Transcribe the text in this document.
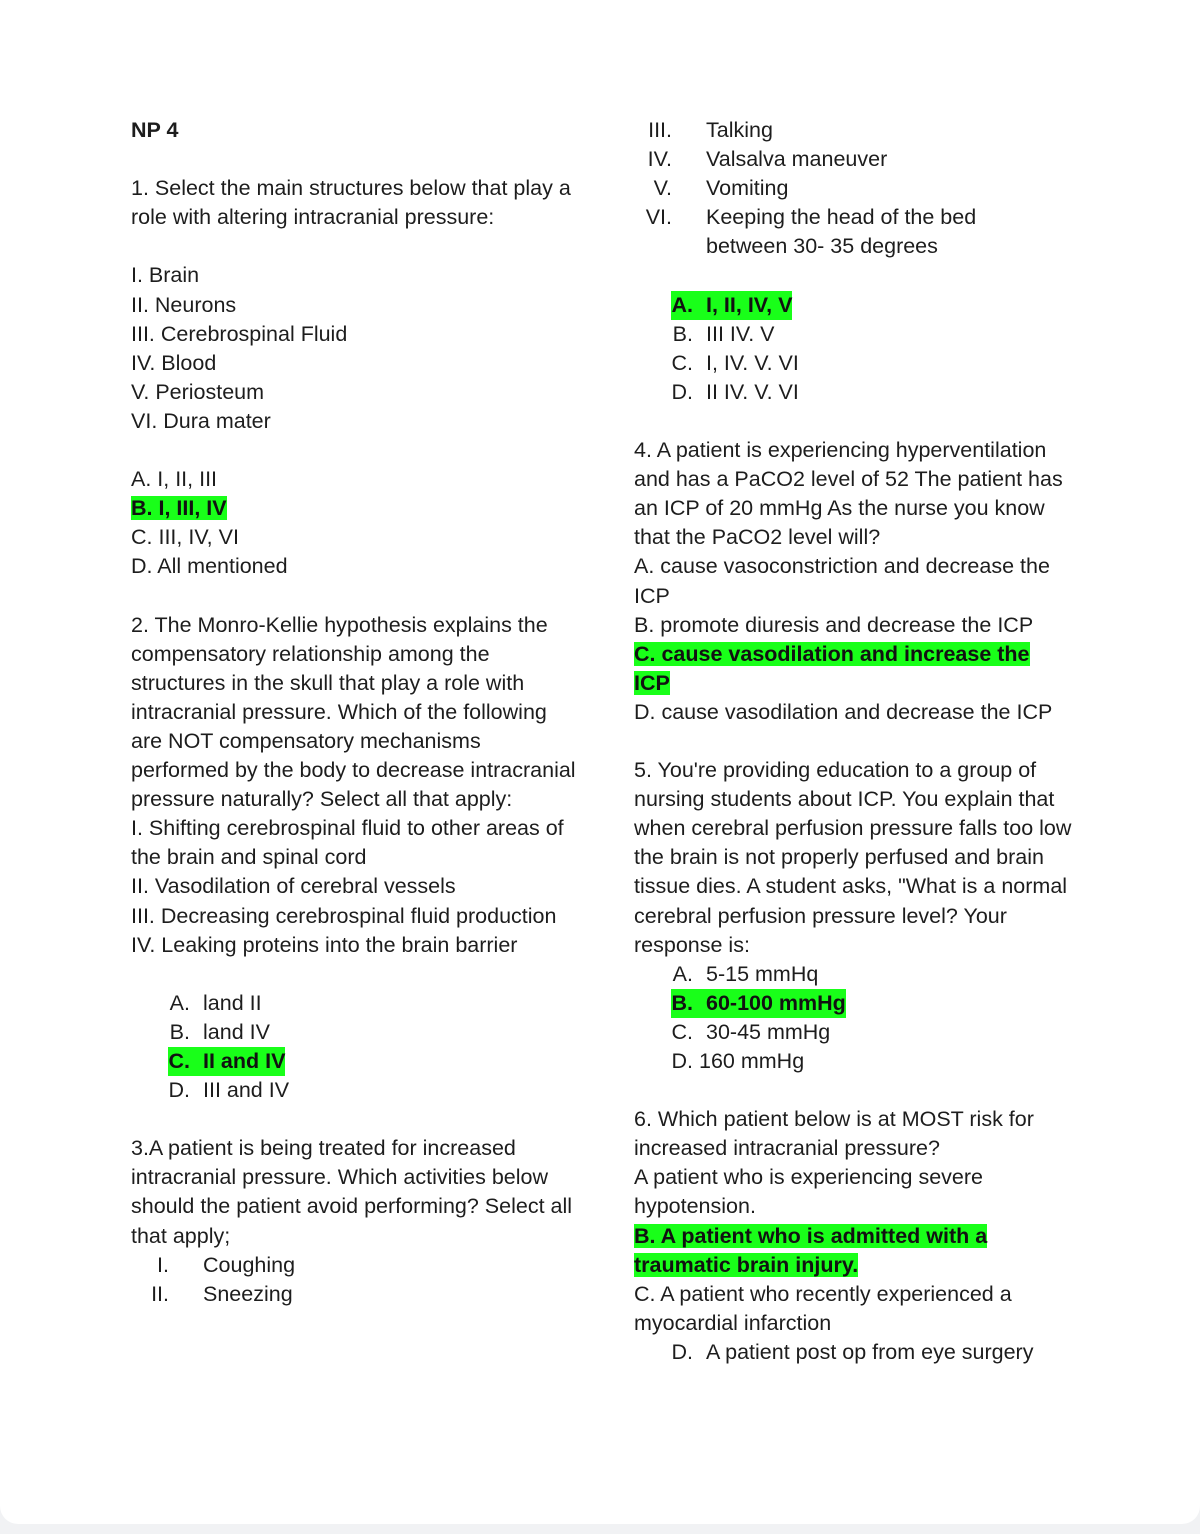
NP 4
1. Select the main structures below that play a role with altering intracranial pressure:
I. Brain
II. Neurons
III. Cerebrospinal Fluid
IV. Blood
V. Periosteum
VI. Dura mater
A. I, II, III
B. I, III, IV
C. III, IV, VI
D. All mentioned
2. The Monro-Kellie hypothesis explains the compensatory relationship among the structures in the skull that play a role with intracranial pressure. Which of the following are NOT compensatory mechanisms performed by the body to decrease intracranial pressure naturally? Select all that apply:
I. Shifting cerebrospinal fluid to other areas of the brain and spinal cord
II. Vasodilation of cerebral vessels
III. Decreasing cerebrospinal fluid production
IV. Leaking proteins into the brain barrier
A. land II
B. land IV
C. II and IV
D. III and IV
3.A patient is being treated for increased intracranial pressure. Which activities below should the patient avoid performing? Select all that apply;
I.	Coughing
II.	Sneezing
III.	Talking
IV.	Valsalva maneuver
V.	Vomiting
VI.	Keeping the head of the bed between 30- 35 degrees
A. I, II, IV, V
B. III IV. V
C. I, IV. V. VI
D. II IV. V. VI
4. A patient is experiencing hyperventilation and has a PaCO2 level of 52 The patient has an ICP of 20 mmHg As the nurse you know that the PaCO2 level will?
A. cause vasoconstriction and decrease the ICP
B. promote diuresis and decrease the ICP
C. cause vasodilation and increase the ICP
D. cause vasodilation and decrease the ICP
5. You're providing education to a group of nursing students about ICP. You explain that when cerebral perfusion pressure falls too low the brain is not properly perfused and brain tissue dies. A student asks, "What is a normal cerebral perfusion pressure level? Your response is:
A. 5-15 mmHq
B. 60-100 mmHg
C. 30-45 mmHg
D. 160 mmHg
6. Which patient below is at MOST risk for increased intracranial pressure?
A patient who is experiencing severe hypotension.
B. A patient who is admitted with a
traumatic brain injury.
C. A patient who recently experienced a myocardial infarction
D. A patient post op from eye surgery
